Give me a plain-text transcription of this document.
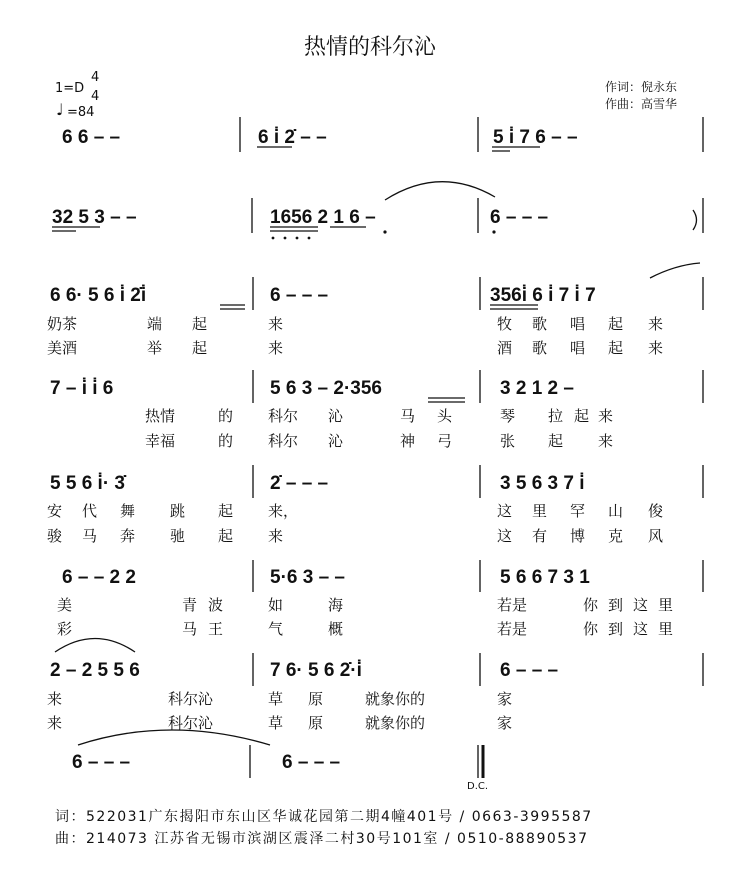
热情的科尔沁
1=D
4
4
♩ =84
作词：倪永东
作曲：高雪华
6 6 – –	6 i̇ 2̇ – –	5 i̇ 7 6 – –
32 5 3 – –	1656 2 1 6 –	6 – – –
6 6· 5 6 i̇ 2̇i̇	6 – – –	356i̇ 6 i̇ 7 i̇ 7
奶茶	端 起	来	牧 歌 唱 起 来
美酒	举 起	来	酒 歌 唱 起 来
7 – i̇ i̇ 6	5 6 3 – 2·356	3 2 1 2 –
热情	的 科尔 沁	马 头	琴 拉 起 来
幸福	的 科尔 沁	神 弓	张 起 来
5 5 6 i̇· 3̇	2̇ – – –	3 5 6 3 7 i̇
安 代 舞 跳 起 来，	这 里 罕 山 俊
骏 马 奔 驰 起 来	这 有 博 克 风
6 – – 2 2	5·6 3 – –	5 6 6 7 3 1
美	青 波	如	海	若是	你 到 这 里
彩	马 王	气	概	若是	你 到 这 里
2 – 2 5 5 6	7 6· 5 6 2̇·i̇	6 – – –
来	科尔沁	草 原	就象你的	家
来	科尔沁	草 原	就象你的	家
6 – – –	6 – – –
D.C.
词：522031广东揭阳市东山区华诚花园第二期4幢401号 / 0663-3995587
曲：214073 江苏省无锡市滨湖区震泽二村30号101室 / 0510-88890537
